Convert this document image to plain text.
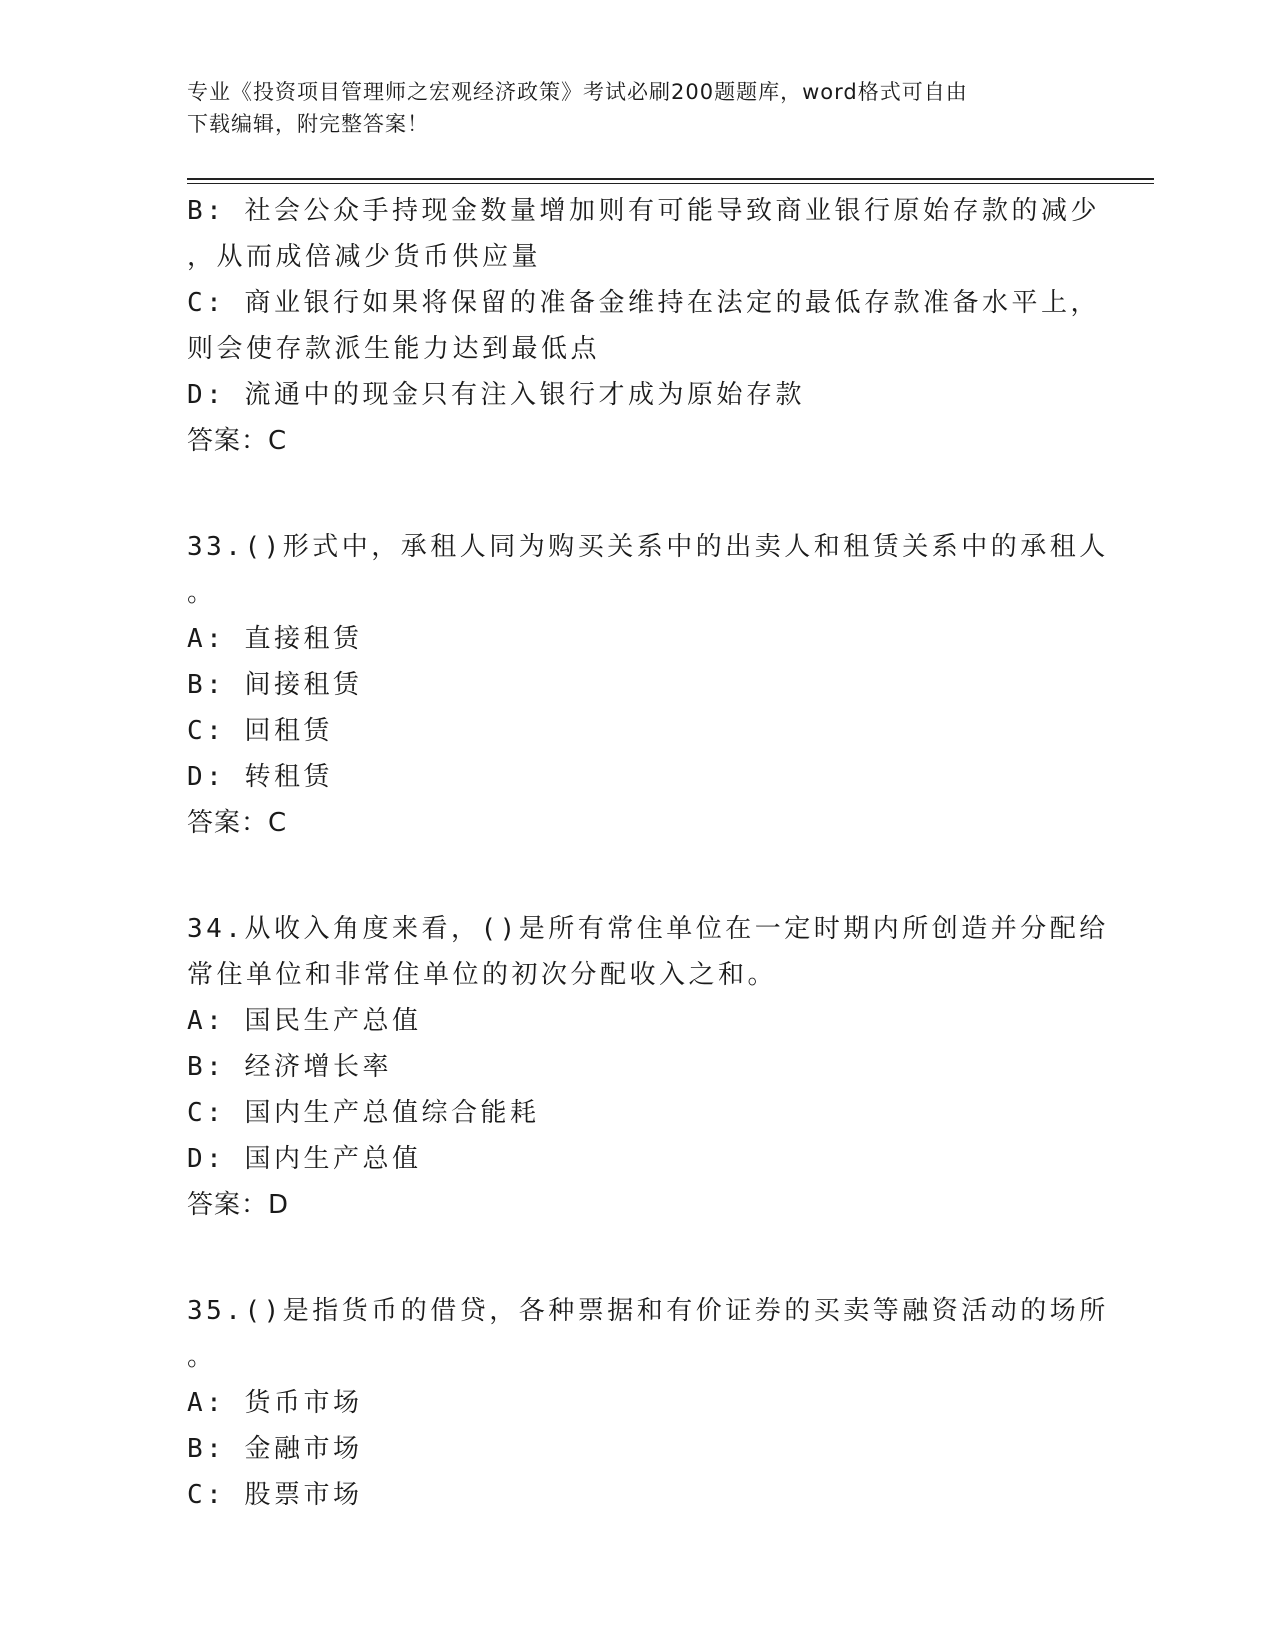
专业《投资项目管理师之宏观经济政策》考试必刷200题题库，word格式可自由
下载编辑，附完整答案！
B: 社会公众手持现金数量增加则有可能导致商业银行原始存款的减少
，从而成倍减少货币供应量
C: 商业银行如果将保留的准备金维持在法定的最低存款准备水平上，
则会使存款派生能力达到最低点
D: 流通中的现金只有注入银行才成为原始存款
答案：C
33.()形式中，承租人同为购买关系中的出卖人和租赁关系中的承租人
。
A: 直接租赁
B: 间接租赁
C: 回租赁
D: 转租赁
答案：C
34.从收入角度来看，()是所有常住单位在一定时期内所创造并分配给
常住单位和非常住单位的初次分配收入之和。
A: 国民生产总值
B: 经济增长率
C: 国内生产总值综合能耗
D: 国内生产总值
答案：D
35.()是指货币的借贷，各种票据和有价证券的买卖等融资活动的场所
。
A: 货币市场
B: 金融市场
C: 股票市场
